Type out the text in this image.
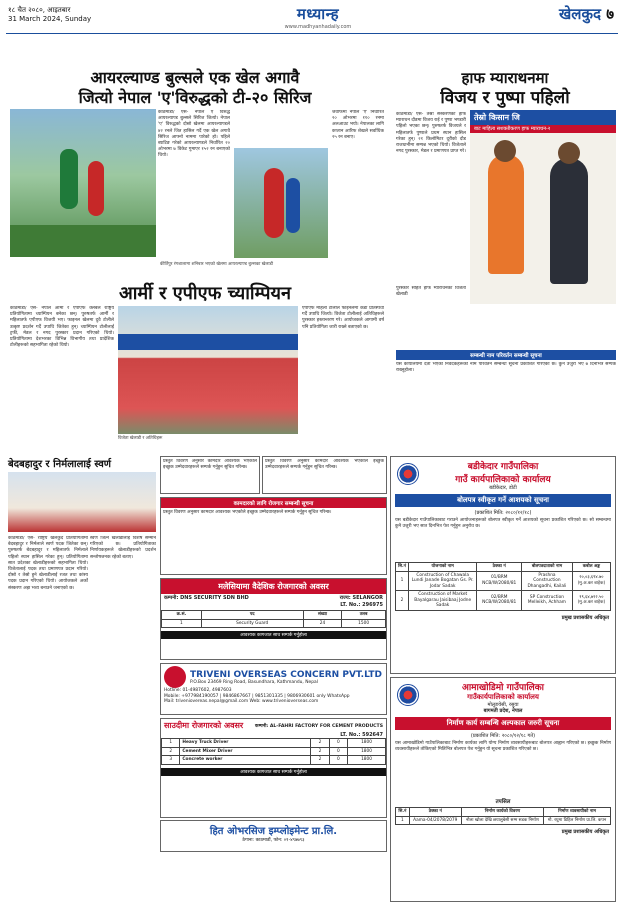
१८ चैत २०८०, आइतबार
31 March 2024, Sunday	मध्यान्ह
www.madhyanhadaily.com
खेलकुद ७
आयरल्याण्ड बुल्सले एक खेल अगावै
जित्यो नेपाल 'ए'विरुद्धको टी-२० सिरिज
काठमाडौं/ एस- नेपाल ए विरुद्ध आयरल्याण्ड बुल्सले सिरिज जित्यो। नेपाल 'ए' विरुद्धको दोस्रो खेलमा आयरल्याण्डले ४२ रनले जित हासिल गर्दै एक खेल अगावै सिरिज आफ्नो नाममा पारेको हो। पहिले ब्याटिङ गरेको आयरल्याण्डले निर्धारित २० ओभरमा ७ विकेट गुमाएर १५२ रन बनाएको थियो।
जवाफमा नेपाल 'ए' निर्धारित २० ओभरमा ११० रनमा अलआउट भयो। नेपालका लागि कप्तान आरिफ शेखले सर्वाधिक २५ रन बनाए।
कीर्तिपुर रंगशालामा शनिबार भएको खेलमा आयरल्याण्ड बुल्सका खेलाडी
हाफ म्याराथनमा
विजय र पुष्पा पहिलो
काठमाडौं/ एस- तेस्रो संस्करणको हाफ म्याराथन दौडमा विजय राई र पुष्पा भण्डारी पहिलो भएका छन्। पुरुषतर्फ विजयले र महिलातर्फ पुष्पाले प्रथम स्थान हासिल गरेका हुन्। २१ किलोमिटर दूरीको दौड राजधानीमा सम्पन्न भएको थियो। विजेताले नगद पुरस्कार, मेडल र प्रमाणपत्र प्राप्त गरे।
तेस्रो किसान जि
बाट माहिला सशक्तीकरण हाफ म्याराथन-२
पुरस्कार सहित हाफ म्याराथनका विजेता खेलाडी
आर्मी र एपीएफ च्याम्पियन
काठमाडौं/ एस- नेपाल आर्मी र एपीएफ क्लबले राष्ट्रिय प्रतियोगितामा च्याम्पियन बनेका छन्। पुरुषतर्फ आर्मी र महिलातर्फ एपीएफ विजयी भए। फाइनल खेलमा दुवै टोलीले उत्कृष्ट प्रदर्शन गर्दै उपाधि जितेका हुन्। च्याम्पियन टोलीलाई ट्रफी, मेडल र नगद पुरस्कार प्रदान गरिएको थियो। प्रतियोगितामा देशभरका विभिन्न विभागीय तथा प्रादेशिक टोलीहरूको सहभागिता रहेको थियो।
एपीएफ महिला टोलीले फाइनलमा कडा प्रतिस्पर्धा गर्दै उपाधि जित्यो। विजेता टोलीलाई अतिथिहरूले पुरस्कार हस्तान्तरण गरे। आयोजकले आगामी वर्ष पनि प्रतियोगिता जारी राख्ने बताएको छ।
विजेता खेलाडी र अतिथिहरू
सम्बन्धी नाम परिवर्तन सम्बन्धी सूचना
यस कार्यालयमा दर्ता भएका निवेदकहरूको नाम परिवर्तन सम्बन्धी सूचना प्रकाशित गरिएको छ। कुनै उजुरी भए ७ दिनभित्र सम्पर्क राख्नुहोला।
बेदबहादुर र निर्मलालाई स्वर्ण
काठमाडौं/ एस- राष्ट्रिय खेलकुद प्रतियोगितामा बेदबहादुर र निर्मलाले स्वर्ण पदक जितेका छन्। पुरुषतर्फ बेदबहादुर र महिलातर्फ निर्मलाले पहिलो स्थान हासिल गरेका हुन्। प्रतियोगितामा सात प्रदेशका खेलाडीहरूको सहभागिता थियो। विजेतालाई पदक तथा प्रमाणपत्र प्रदान गरियो। दोस्रो र तेस्रो हुने खेलाडीलाई रजत तथा कांस्य पदक प्रदान गरिएको थियो। आयोजकले अर्को संस्करण अझ भव्य बनाउने जनाएको छ।
स्वर्ण जित्ने खेलाडीलाई विशेष सम्मान गरिएको छ। प्रतियोगिताका निर्णायकहरूले खेलाडीहरूको प्रदर्शन सन्तोषजनक रहेको बताए।
प्रस्तुत विवरण अनुसार कामदार आवश्यक भएकोले इच्छुक उम्मेदवारहरूले सम्पर्क गर्नुहुन सूचित गरिन्छ।
प्रस्तुत विवरण अनुसार कामदार आवश्यक भएकोले इच्छुक उम्मेदवारहरूले सम्पर्क गर्नुहुन सूचित गरिन्छ।
कामदारको लागि रोजगार सम्बन्धी सूचना
प्रस्तुत विवरण अनुसार कामदार आवश्यक भएकोले इच्छुक उम्मेदवारहरूले सम्पर्क गर्नुहुन सूचित गरिन्छ।
मलेसियामा वैदेशिक रोजगारको अवसर
कम्पनी: DNS SECURITY SDN BHD	राज्य: SELANGOR
LT. No.: 296975
क्र.सं.	पद	संख्या	तलब
1	Security Guard	24	1500
आवश्यक कागजात साथ सम्पर्क गर्नुहोला
TRIVENI OVERSEAS CONCERN PVT.LTD
P.O.Box 23469 Ring Road, Basundhara, Kathmandu, Nepal
Hotline: 01-4987602, 4987603
Mobile: +977984190057 | 9846867667 | 9851301335 | 9806930601 only WhatsApp
Mail: triveniovereas.nepal@gmail.com Web: www.trivenioverseas.com
साउदीमा रोजगारको अवसर	कम्पनी: AL-FAHRI FACTORY FOR CEMENT PRODUCTS
LT. No.: 592647
1	Heavy Truck Driver	2	0	1800
2	Cement Mixer Driver	2	0	1800
3	Concrete worker	2	0	1800
आवश्यक कागजात साथ सम्पर्क गर्नुहोला
हित ओभरसिज इम्प्लोइमेन्ट प्रा.लि.
ठेगाना: काठमाडौं, फोन: ०१-४९७७९३
बडीकेदार गाउँपालिका
गाउँ कार्यपालिकाको कार्यालय
बडीकेदार, डोटी
बोलपत्र स्वीकृत गर्ने आशयको सूचना
(प्रकाशित मिति: २०८०/१२/१८)
यस बडीकेदार गाउँपालिकाबाट गराउने आयोजनाहरूको बोलपत्र स्वीकृत गर्ने आशयको सूचना प्रकाशित गरिएको छ। सो सम्बन्धमा कुनै उजुरी भए सात दिनभित्र पेश गर्नुहुन अनुरोध छ।
सि.नं	योजनाको नाम	ठेक्का नं	बोलपत्रदाताको नाम	कबोल अङ्क
1	Construction of Chawala Lundi Janade Bogatan Gs. Pr. Jodar Sadak	01/BRM NCB/W/2080/81	Prashna Construction Dhangadhi, Kailali	२०,०३,६९४.७० (मु.अ.कर बाहेक)
2	Construction of Market Bayalgarau Jaisibaaj Jodne Sadak	02/BRM NCB/W/2080/81	SP Construction Melleikh, Achham	१९,६४,७१२.५० (मु.अ.कर बाहेक)
प्रमुख प्रशासकीय अधिकृत
आमाखोडिमो गाउँपालिका
गाउँकार्यपालिकाको कार्यालय
मोलुङवेसी, रसुवा
बागमती प्रदेश, नेपाल
निर्माण कार्य सम्बन्धि अल्पकाल जरुरी सूचना
(प्रकाशित मिति: २०८०/१२/१८ गते)
यस आमाखोडिमो गाउँपालिकाबाट निर्माण कार्यका लागि योग्य निर्माण व्यवसायीहरूबाट बोलपत्र आह्वान गरिएको छ। इच्छुक निर्माण व्यवसायीहरूले तोकिएको मितिभित्र बोलपत्र पेश गर्नुहुन यो सूचना प्रकाशित गरिएको छ।
तपसिल
सि.नं	ठेक्का नं	निर्माण कार्यको विवरण	निर्माण व्यवसायीको नाम
1	Aama-04/2078/2079	नौला खोला देखि छयालुबेसी सम्म सडक निर्माण	मौ. रघुमा डिहिल निर्माण प्रा.लि. कपन
प्रमुख प्रशासकीय अधिकृत
